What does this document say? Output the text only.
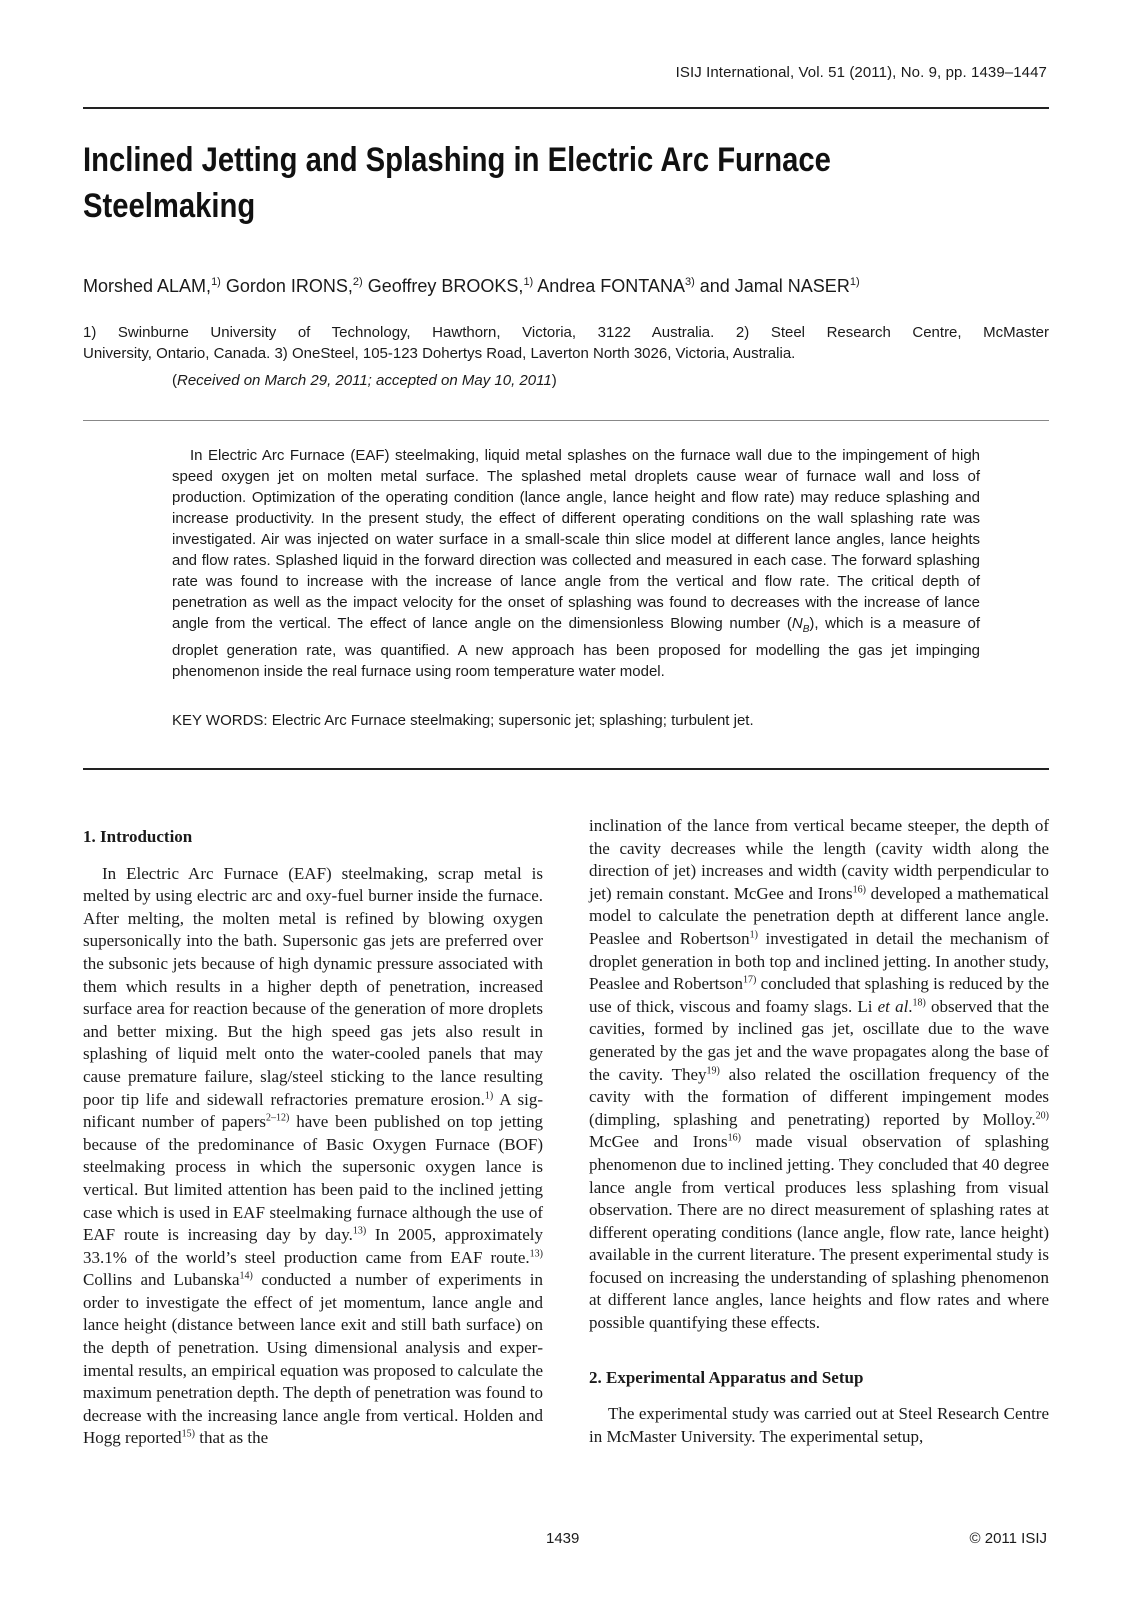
ISIJ International, Vol. 51 (2011), No. 9, pp. 1439–1447
Inclined Jetting and Splashing in Electric Arc Furnace Steelmaking
Morshed ALAM,$^{1)}$ Gordon IRONS,$^{2)}$ Geoffrey BROOKS,$^{1)}$ Andrea FONTANA$^{3)}$ and Jamal NASER$^{1)}$
1) Swinburne University of Technology, Hawthorn, Victoria, 3122 Australia. 2) Steel Research Centre, McMaster
University, Ontario, Canada. 3) OneSteel, 105-123 Dohertys Road, Laverton North 3026, Victoria, Australia.
(Received on March 29, 2011; accepted on May 10, 2011)

In Electric Arc Furnace (EAF) steelmaking, liquid metal splashes on the furnace wall due to the impingement of high speed oxygen jet on molten metal surface. The splashed metal droplets cause wear of furnace wall and loss of production. Optimization of the operating condition (lance angle, lance height and flow rate) may reduce splashing and increase productivity. In the present study, the effect of different operating conditions on the wall splashing rate was investigated. Air was injected on water surface in a small-scale thin slice model at different lance angles, lance heights and flow rates. Splashed liquid in the forward direction was collected and measured in each case. The forward splashing rate was found to increase with the increase of lance angle from the vertical and flow rate. The critical depth of penetration as well as the impact velocity for the onset of splashing was found to decreases with the increase of lance angle from the vertical. The effect of lance angle on the dimensionless Blowing number $(N_B)$, which is a measure of droplet generation rate, was quantified. A new approach has been proposed for modelling the gas jet impinging phenomenon inside the real furnace using room temperature water model.

KEY WORDS: Electric Arc Furnace steelmaking; supersonic jet; splashing; turbulent jet.

1. Introduction

In Electric Arc Furnace (EAF) steelmaking, scrap metal is melted by using electric arc and oxy-fuel burner inside the furnace. After melting, the molten metal is refined by blowing oxygen supersonically into the bath. Supersonic gas jets are preferred over the subsonic jets because of high dynamic pressure associated with them which results in a higher depth of penetration, increased surface area for reaction because of the generation of more droplets and better mixing. But the high speed gas jets also result in splashing of liquid melt onto the water-cooled panels that may cause premature failure, slag/steel sticking to the lance resulting poor tip life and sidewall refractories premature erosion.$^{1)}$ A significant number of papers$^{2-12)}$ have been published on top jetting because of the predominance of Basic Oxygen Furnace (BOF) steelmaking process in which the supersonic oxygen lance is vertical. But limited attention has been paid to the inclined jetting case which is used in EAF steelmaking furnace although the use of EAF route is increasing day by day.$^{13)}$ In 2005, approximately 33.1% of the world’s steel production came from EAF route.$^{13)}$ Collins and Lubanska$^{14)}$ conducted a number of experiments in order to investigate the effect of jet momentum, lance angle and lance height (distance between lance exit and still bath surface) on the depth of penetration. Using dimensional analysis and experimental results, an empirical equation was proposed to calculate the maximum penetration depth. The depth of penetration was found to decrease with the increasing lance angle from vertical. Holden and Hogg reported$^{15)}$ that as the

inclination of the lance from vertical became steeper, the depth of the cavity decreases while the length (cavity width along the direction of jet) increases and width (cavity width perpendicular to jet) remain constant. McGee and Irons$^{16)}$ developed a mathematical model to calculate the penetration depth at different lance angle. Peaslee and Robertson$^{1)}$ investigated in detail the mechanism of droplet generation in both top and inclined jetting. In another study, Peaslee and Robertson$^{17)}$ concluded that splashing is reduced by the use of thick, viscous and foamy slags. Li et al.$^{18)}$ observed that the cavities, formed by inclined gas jet, oscillate due to the wave generated by the gas jet and the wave propagates along the base of the cavity. They$^{19)}$ also related the oscillation frequency of the cavity with the formation of different impingement modes (dimpling, splashing and penetrating) reported by Molloy.$^{20)}$ McGee and Irons$^{16)}$ made visual observation of splashing phenomenon due to inclined jetting. They concluded that 40 degree lance angle from vertical produces less splashing from visual observation. There are no direct measurement of splashing rates at different operating conditions (lance angle, flow rate, lance height) available in the current literature. The present experimental study is focused on increasing the understanding of splashing phenomenon at different lance angles, lance heights and flow rates and where possible quantifying these effects.

2. Experimental Apparatus and Setup

The experimental study was carried out at Steel Research Centre in McMaster University. The experimental setup,

1439	© 2011 ISIJ
